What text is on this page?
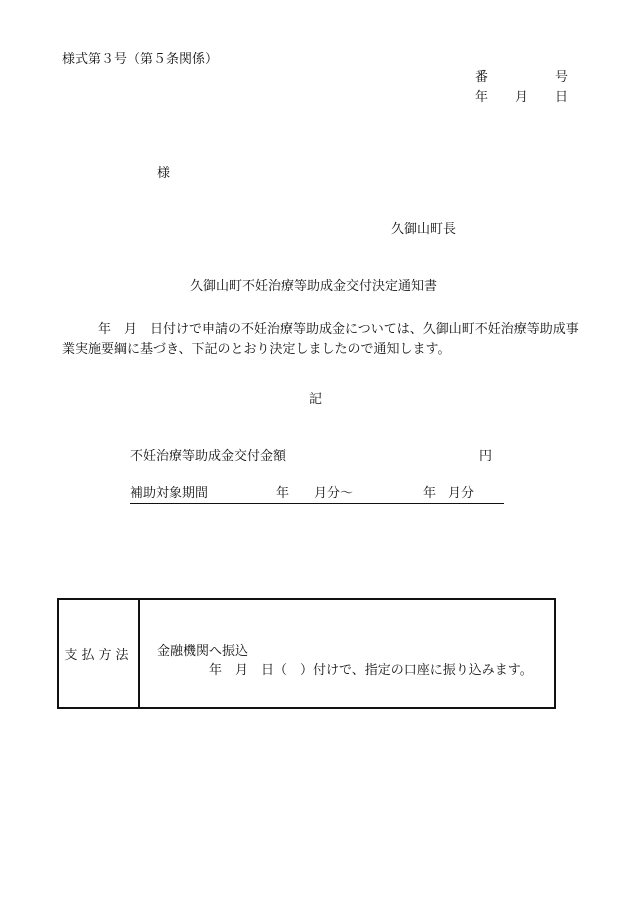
様式第３号（第５条関係）
番	号
年 月 日
様
久御山町長
久御山町不妊治療等助成金交付決定通知書
年　月　日付けで申請の不妊治療等助成金については、久御山町不妊治療等助成事業実施要綱に基づき、下記のとおり決定しましたので通知します。
記
不妊治療等助成金交付金額	円
補助対象期間	年 月分〜	年 月分
支払方法	金融機関へ振込
年　月　日（　）付けで、指定の口座に振り込みます。
